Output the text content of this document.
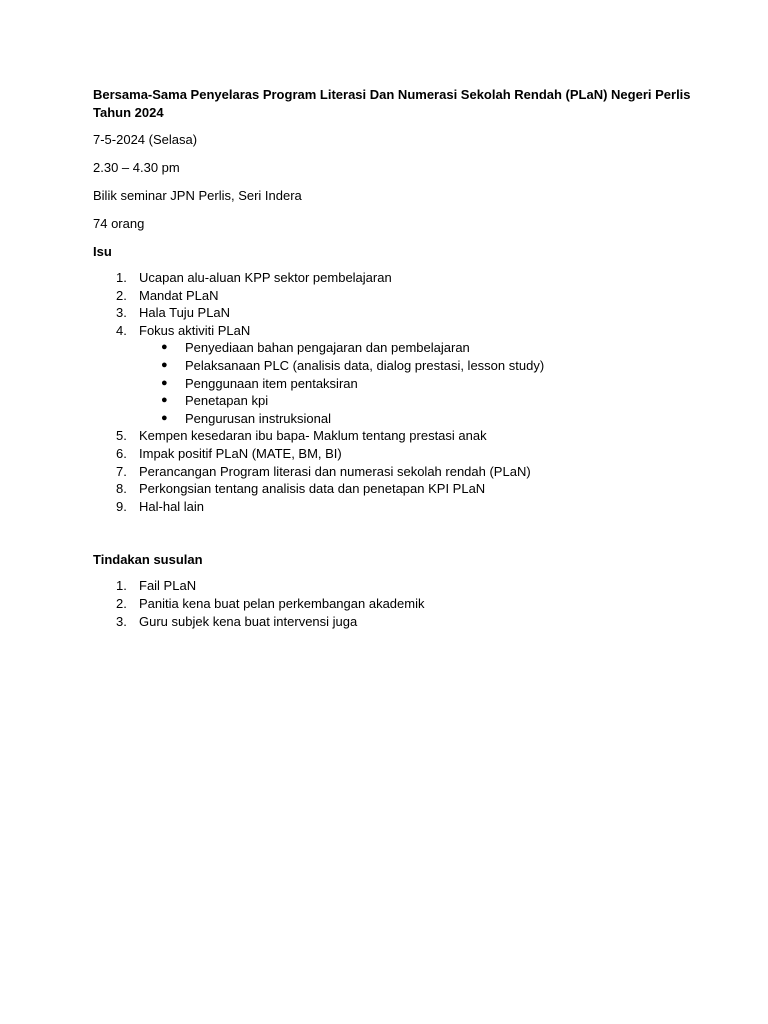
Bersama-Sama Penyelaras Program Literasi Dan Numerasi Sekolah Rendah (PLaN) Negeri Perlis Tahun 2024
7-5-2024 (Selasa)
2.30 – 4.30 pm
Bilik seminar JPN Perlis, Seri Indera
74 orang
Isu
1. Ucapan alu-aluan KPP sektor pembelajaran
2. Mandat PLaN
3. Hala Tuju PLaN
4. Fokus aktiviti PLaN
● Penyediaan bahan pengajaran dan pembelajaran
● Pelaksanaan PLC (analisis data, dialog prestasi, lesson study)
● Penggunaan item pentaksiran
● Penetapan kpi
● Pengurusan instruksional
5. Kempen kesedaran ibu bapa- Maklum tentang prestasi anak
6. Impak positif PLaN (MATE, BM, BI)
7. Perancangan Program literasi dan numerasi sekolah rendah (PLaN)
8. Perkongsian tentang analisis data dan penetapan KPI PLaN
9. Hal-hal lain
Tindakan susulan
1. Fail PLaN
2. Panitia kena buat pelan perkembangan akademik
3. Guru subjek kena buat intervensi juga
